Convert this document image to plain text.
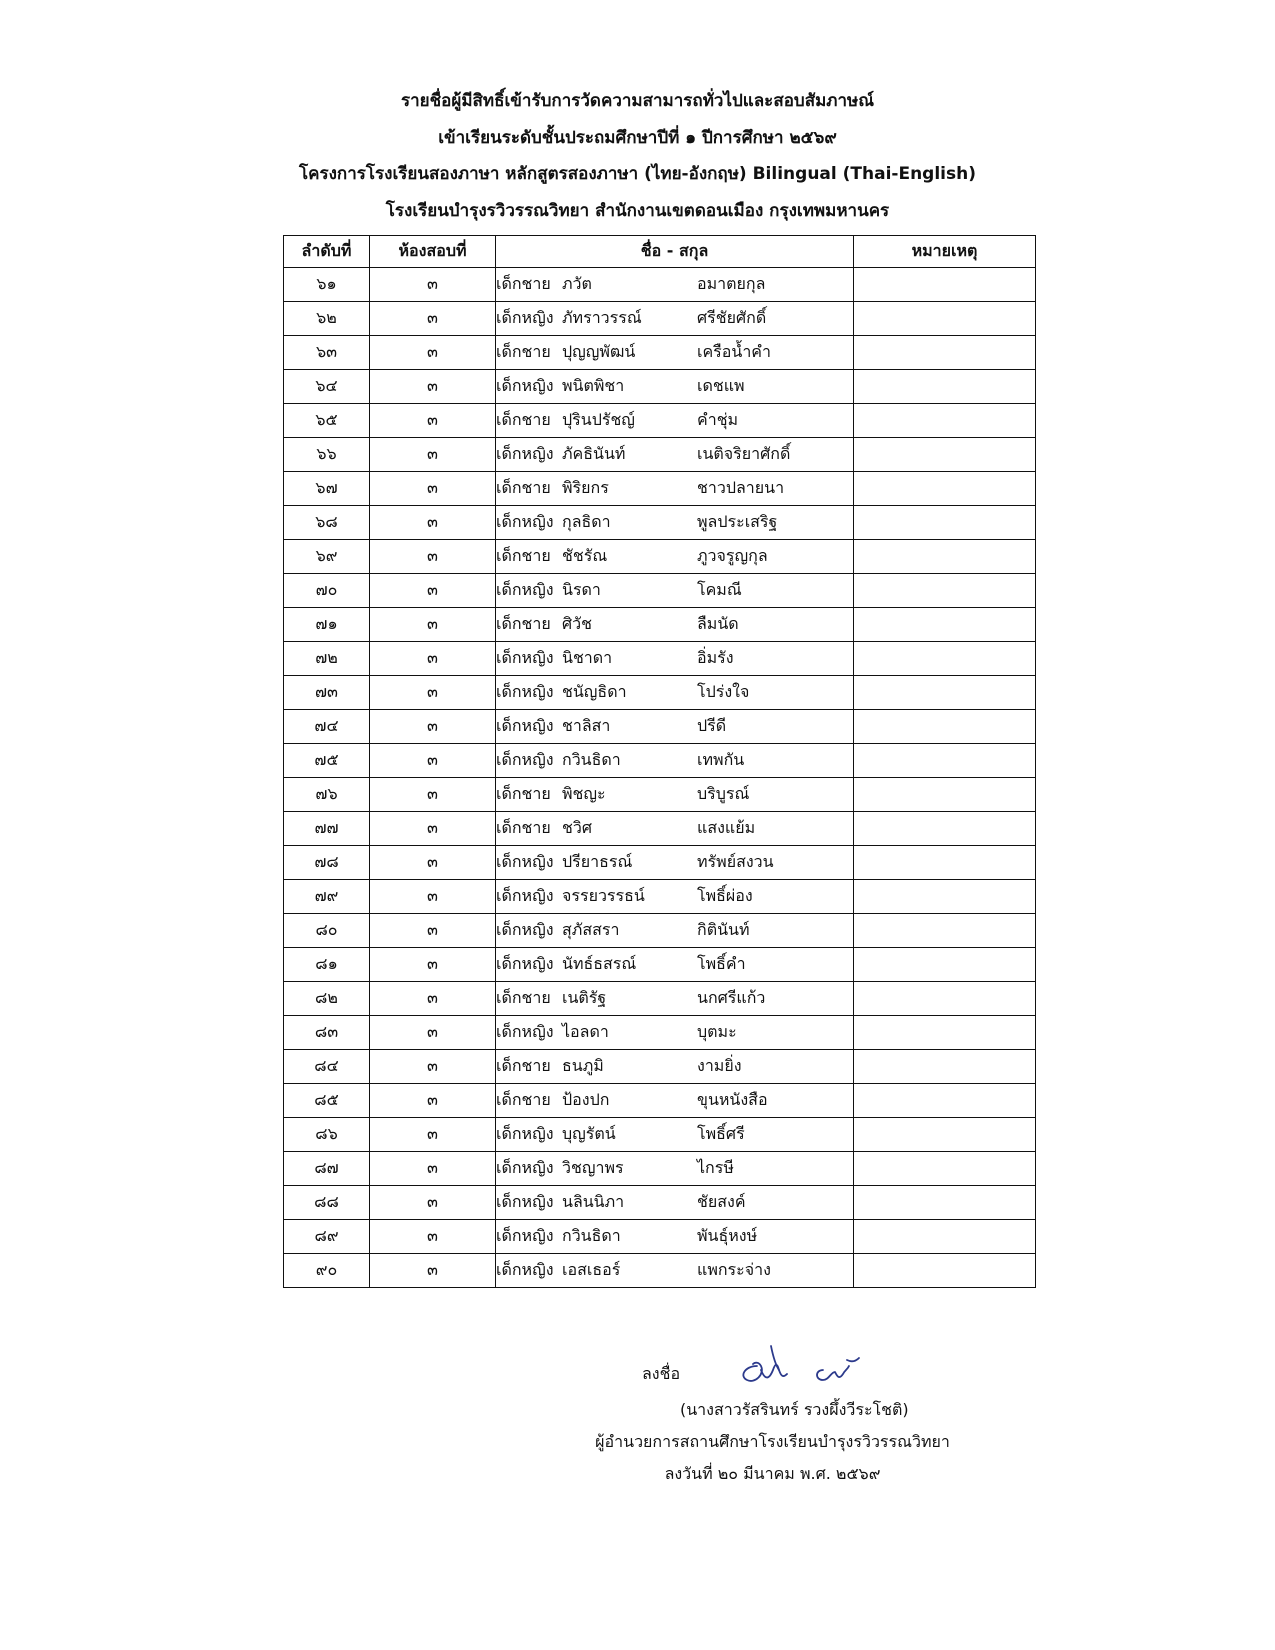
รายชื่อผู้มีสิทธิ์เข้ารับการวัดความสามารถทั่วไปและสอบสัมภาษณ์
เข้าเรียนระดับชั้นประถมศึกษาปีที่ ๑ ปีการศึกษา ๒๕๖๙
โครงการโรงเรียนสองภาษา หลักสูตรสองภาษา (ไทย-อังกฤษ) Bilingual (Thai-English)
โรงเรียนบำรุงรวิวรรณวิทยา สำนักงานเขตดอนเมือง กรุงเทพมหานคร
ลำดับที่	ห้องสอบที่	ชื่อ - สกุล	หมายเหตุ
๖๑	๓	เด็กชาย ภวัต อมาตยกุล	
๖๒	๓	เด็กหญิง ภัทราวรรณ์ ศรีชัยศักดิ์	
๖๓	๓	เด็กชาย ปุญญพัฒน์ เครือน้ำคำ	
๖๔	๓	เด็กหญิง พนิตพิชา เดชแพ	
๖๕	๓	เด็กชาย ปุรินปรัชญ์ คำชุ่ม	
๖๖	๓	เด็กหญิง ภัคธินันท์ เนติจริยาศักดิ์	
๖๗	๓	เด็กชาย พิริยกร ชาวปลายนา	
๖๘	๓	เด็กหญิง กุลธิดา พูลประเสริฐ	
๖๙	๓	เด็กชาย ชัชรัณ ภูวจรูญกุล	
๗๐	๓	เด็กหญิง นิรดา โคมณี	
๗๑	๓	เด็กชาย ศิวัช ลืมนัด	
๗๒	๓	เด็กหญิง นิชาดา อิ่มรัง	
๗๓	๓	เด็กหญิง ชนัญธิดา โปร่งใจ	
๗๔	๓	เด็กหญิง ชาลิสา ปรีดี	
๗๕	๓	เด็กหญิง กวินธิดา เทพกัน	
๗๖	๓	เด็กชาย พิชญะ บริบูรณ์	
๗๗	๓	เด็กชาย ชวิศ แสงแย้ม	
๗๘	๓	เด็กหญิง ปรียาธรณ์ ทรัพย์สงวน	
๗๙	๓	เด็กหญิง จรรยวรรธน์ โพธิ์ผ่อง	
๘๐	๓	เด็กหญิง สุภัสสรา กิตินันท์	
๘๑	๓	เด็กหญิง นัทธ์ธสรณ์ โพธิ์คำ	
๘๒	๓	เด็กชาย เนติรัฐ นกศรีแก้ว	
๘๓	๓	เด็กหญิง ไอลดา บุตมะ	
๘๔	๓	เด็กชาย ธนภูมิ งามยิ่ง	
๘๕	๓	เด็กชาย ป้องปก ขุนหนังสือ	
๘๖	๓	เด็กหญิง บุญรัตน์ โพธิ์ศรี	
๘๗	๓	เด็กหญิง วิชญาพร ไกรษี	
๘๘	๓	เด็กหญิง นลินนิภา ชัยสงค์	
๘๙	๓	เด็กหญิง กวินธิดา พันธุ์หงษ์	
๙๐	๓	เด็กหญิง เอสเธอร์ แพกระจ่าง	
ลงชื่อ
(นางสาวรัสรินทร์ รวงผึ้งวีระโชติ)
ผู้อำนวยการสถานศึกษาโรงเรียนบำรุงรวิวรรณวิทยา
ลงวันที่ ๒๐ มีนาคม พ.ศ. ๒๕๖๙
